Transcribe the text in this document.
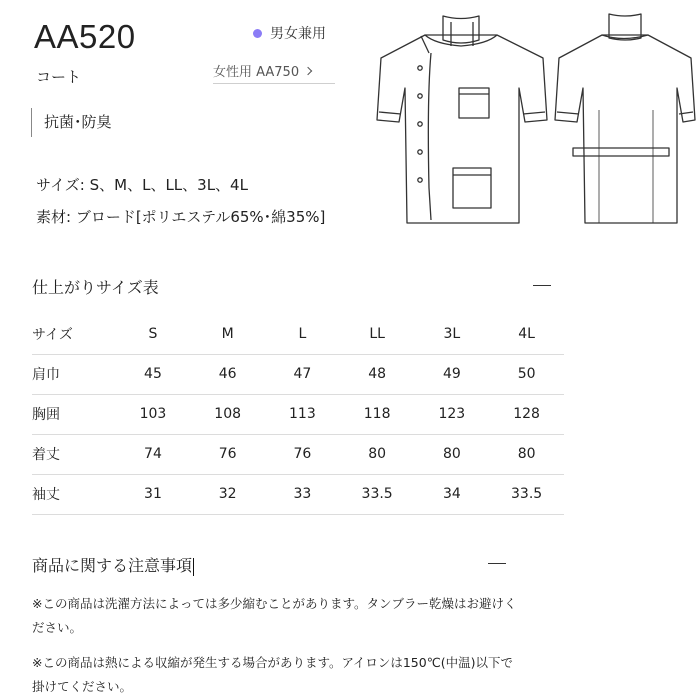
AA520
コート
男女兼用
女性用 AA750
抗菌･防臭
サイズ: S、M、L、LL、3L、4L
素材: ブロード[ポリエステル65%･綿35%]
仕上がりサイズ表
サイズ	S	M	L	LL	3L	4L
肩巾	45	46	47	48	49	50
胸囲	103	108	113	118	123	128
着丈	74	76	76	80	80	80
袖丈	31	32	33	33.5	34	33.5
商品に関する注意事項
※この商品は洗濯方法によっては多少縮むことがあります。タンブラー乾燥はお避けください。
※この商品は熱による収縮が発生する場合があります。アイロンは150℃(中温)以下で掛けてください。
